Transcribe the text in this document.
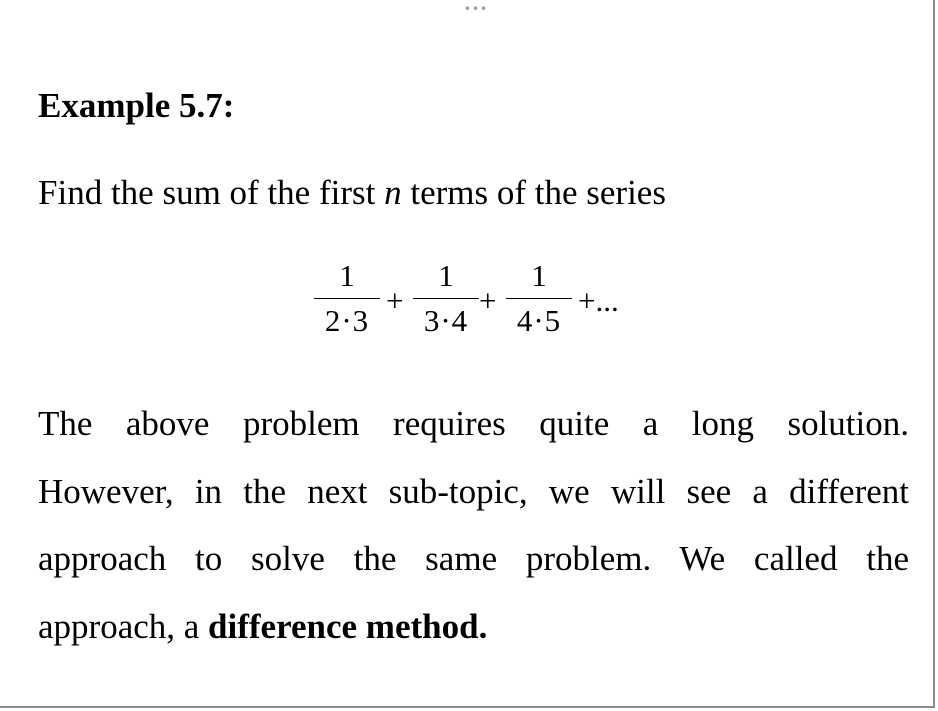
•••
Example 5.7:
Find the sum of the first n terms of the series
1
2·3
+
1
3·4
+
1
4·5
+...
The above problem requires quite a long solution.
However, in the next sub-topic, we will see a different
approach to solve the same problem. We called the
approach, a difference method.
